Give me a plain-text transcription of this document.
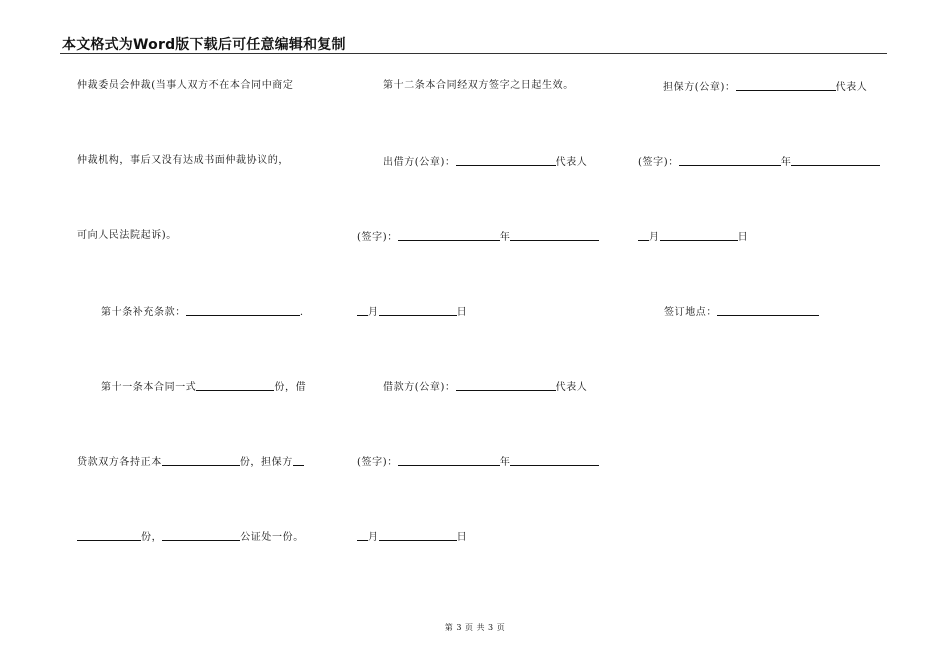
本文格式为Word版下载后可任意编辑和复制
仲裁委员会仲裁(当事人双方不在本合同中商定
仲裁机构，事后又没有达成书面仲裁协议的，
可向人民法院起诉)。
第十条补充条款：	.
第十一条本合同一式	份，借
贷款双方各持正本	份，担保方
份，	公证处一份。
第十二条本合同经双方签字之日起生效。
出借方(公章)：	代表人
(签字)：	年
月	日
借款方(公章)：	代表人
(签字)：	年
月	日
担保方(公章)：	代表人
(签字)：	年
月	日
签订地点：
第 3 页 共 3 页
